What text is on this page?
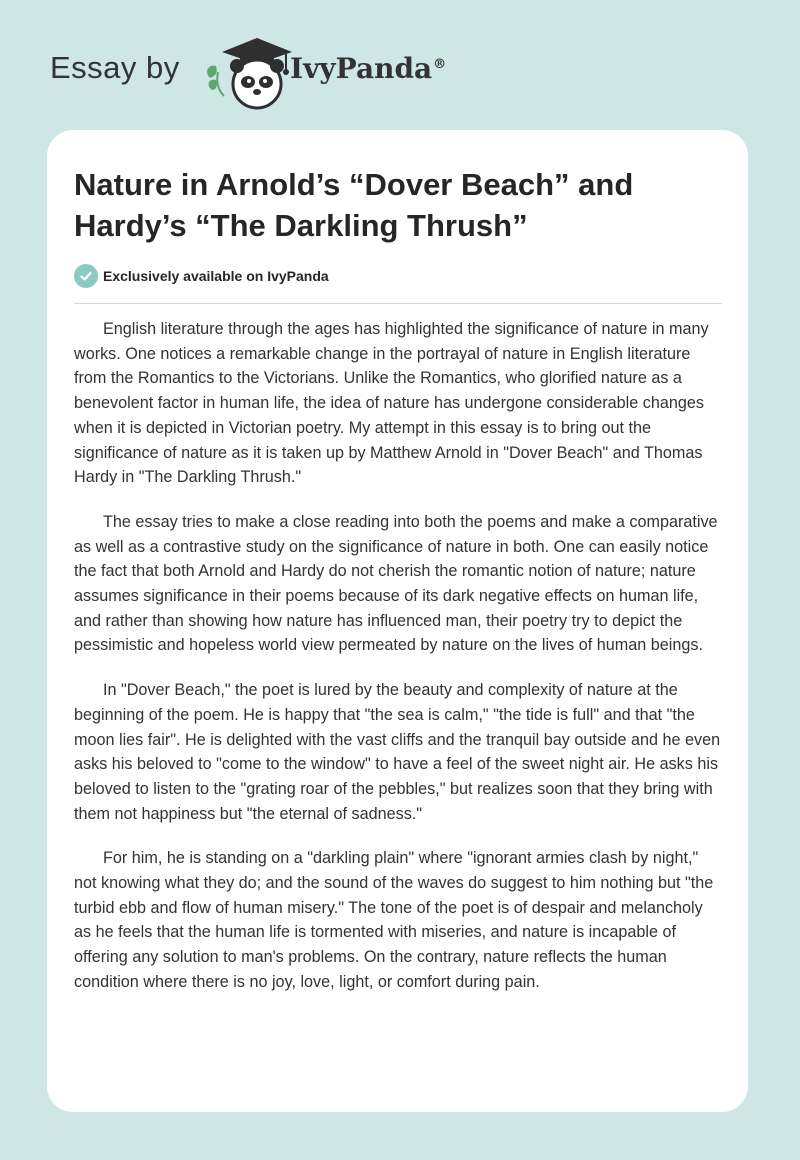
Essay by	IvyPanda®
Nature in Arnold’s “Dover Beach” and Hardy’s “The Darkling Thrush”
Exclusively available on IvyPanda

English literature through the ages has highlighted the significance of nature in many works. One notices a remarkable change in the portrayal of nature in English literature from the Romantics to the Victorians. Unlike the Romantics, who glorified nature as a benevolent factor in human life, the idea of nature has undergone considerable changes when it is depicted in Victorian poetry. My attempt in this essay is to bring out the significance of nature as it is taken up by Matthew Arnold in "Dover Beach" and Thomas Hardy in "The Darkling Thrush."

The essay tries to make a close reading into both the poems and make a comparative as well as a contrastive study on the significance of nature in both. One can easily notice the fact that both Arnold and Hardy do not cherish the romantic notion of nature; nature assumes significance in their poems because of its dark negative effects on human life, and rather than showing how nature has influenced man, their poetry try to depict the pessimistic and hopeless world view permeated by nature on the lives of human beings.

In "Dover Beach," the poet is lured by the beauty and complexity of nature at the beginning of the poem. He is happy that "the sea is calm," "the tide is full" and that "the moon lies fair". He is delighted with the vast cliffs and the tranquil bay outside and he even asks his beloved to "come to the window" to have a feel of the sweet night air. He asks his beloved to listen to the "grating roar of the pebbles," but realizes soon that they bring with them not happiness but "the eternal of sadness."

For him, he is standing on a "darkling plain" where "ignorant armies clash by night," not knowing what they do; and the sound of the waves do suggest to him nothing but "the turbid ebb and flow of human misery." The tone of the poet is of despair and melancholy as he feels that the human life is tormented with miseries, and nature is incapable of offering any solution to man's problems. On the contrary, nature reflects the human condition where there is no joy, love, light, or comfort during pain.
